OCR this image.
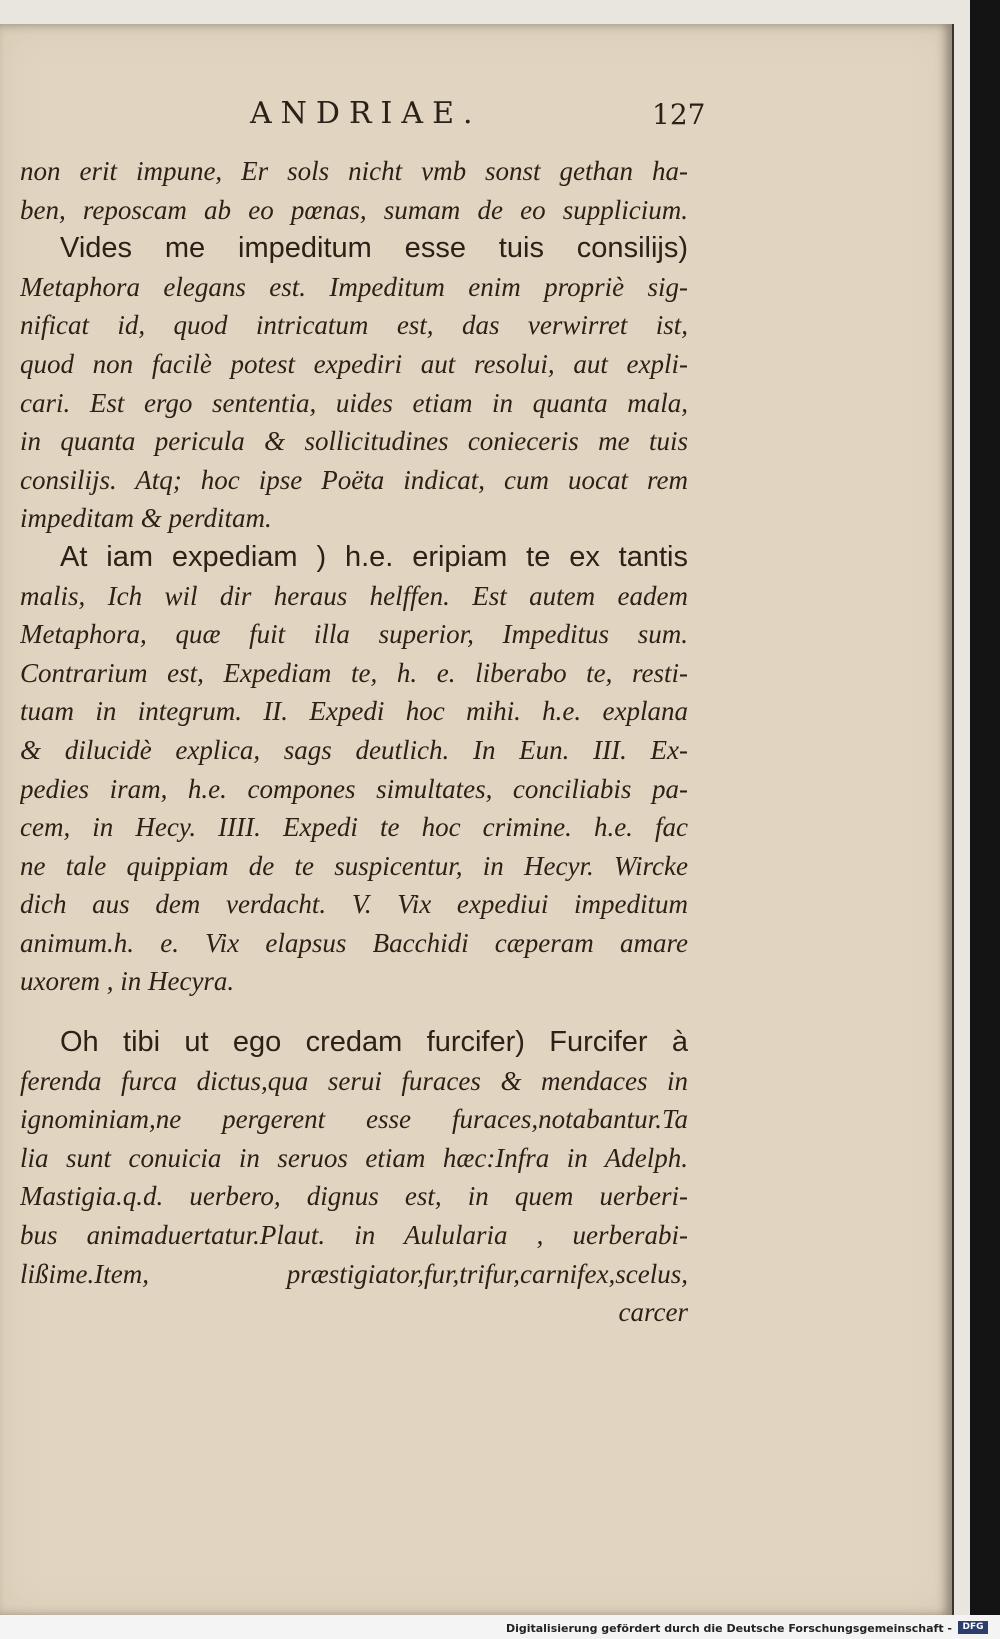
ANDRIAE.	127
non erit impune, Er sols nicht vmb sonst gethan ha-
ben, reposcam ab eo pœnas, sumam de eo supplicium.
Vides me impeditum esse tuis consilijs)
Metaphora elegans est. Impeditum enim propriè sig-
nificat id, quod intricatum est, das verwirret ist,
quod non facilè potest expediri aut resolui, aut expli-
cari. Est ergo sententia, uides etiam in quanta mala,
in quanta pericula & sollicitudines conieceris me tuis
consilijs. Atq; hoc ipse Poëta indicat, cum uocat rem
impeditam & perditam.
At iam expediam ) h.e. eripiam te ex tantis
malis, Ich wil dir heraus helffen. Est autem eadem
Metaphora, quæ fuit illa superior, Impeditus sum.
Contrarium est, Expediam te, h. e. liberabo te, resti-
tuam in integrum. II. Expedi hoc mihi. h.e. explana
& dilucidè explica, sags deutlich. In Eun. III. Ex-
pedies iram, h.e. compones simultates, conciliabis pa-
cem, in Hecy. IIII. Expedi te hoc crimine. h.e. fac
ne tale quippiam de te suspicentur, in Hecyr. Wircke
dich aus dem verdacht. V. Vix expediui impeditum
animum.h. e. Vix elapsus Bacchidi cæperam amare
uxorem , in Hecyra.
Oh tibi ut ego credam furcifer) Furcifer à
ferenda furca dictus,qua serui furaces & mendaces in
ignominiam,ne pergerent esse furaces,notabantur.Ta
lia sunt conuicia in seruos etiam hæc:Infra in Adelph.
Mastigia.q.d. uerbero, dignus est, in quem uerberi-
bus animaduertatur.Plaut. in Aulularia , uerberabi-
lißime.Item, præstigiator,fur,trifur,carnifex,scelus,
carcer
Digitalisierung gefördert durch die Deutsche Forschungsgemeinschaft -	DFG
